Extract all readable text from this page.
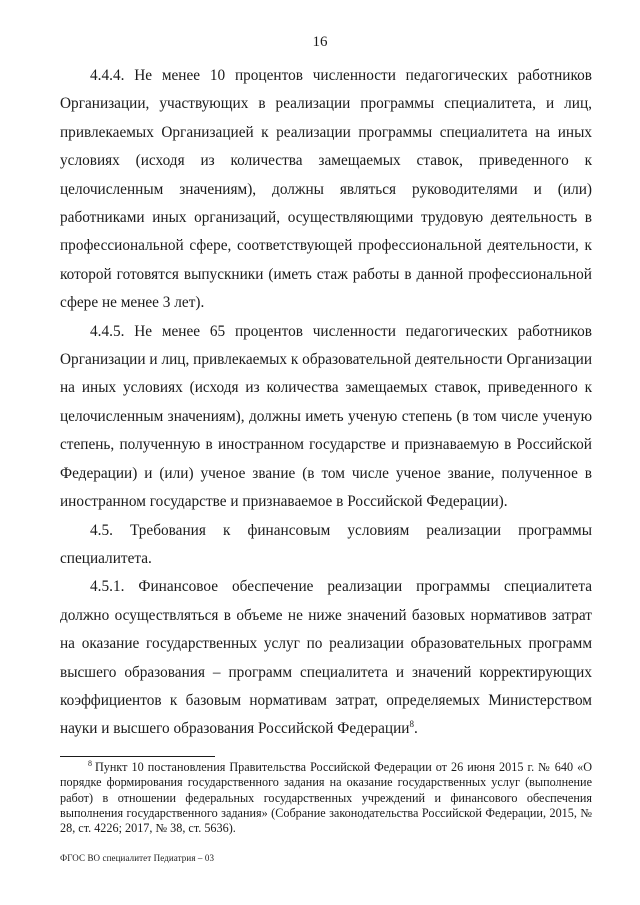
16

4.4.4. Не менее 10 процентов численности педагогических работников Организации, участвующих в реализации программы специалитета, и лиц, привлекаемых Организацией к реализации программы специалитета на иных условиях (исходя из количества замещаемых ставок, приведенного к целочисленным значениям), должны являться руководителями и (или) работниками иных организаций, осуществляющими трудовую деятельность в профессиональной сфере, соответствующей профессиональной деятельности, к которой готовятся выпускники (иметь стаж работы в данной профессиональной сфере не менее 3 лет).

4.4.5. Не менее 65 процентов численности педагогических работников Организации и лиц, привлекаемых к образовательной деятельности Организации на иных условиях (исходя из количества замещаемых ставок, приведенного к целочисленным значениям), должны иметь ученую степень (в том числе ученую степень, полученную в иностранном государстве и признаваемую в Российской Федерации) и (или) ученое звание (в том числе ученое звание, полученное в иностранном государстве и признаваемое в Российской Федерации).

4.5. Требования к финансовым условиям реализации программы специалитета.

4.5.1. Финансовое обеспечение реализации программы специалитета должно осуществляться в объеме не ниже значений базовых нормативов затрат на оказание государственных услуг по реализации образовательных программ высшего образования – программ специалитета и значений корректирующих коэффициентов к базовым нормативам затрат, определяемых Министерством науки и высшего образования Российской Федерации$^8$.

$^8$ Пункт 10 постановления Правительства Российской Федерации от 26 июня 2015 г. № 640 «О порядке формирования государственного задания на оказание государственных услуг (выполнение работ) в отношении федеральных государственных учреждений и финансового обеспечения выполнения государственного задания» (Собрание законодательства Российской Федерации, 2015, № 28, ст. 4226; 2017, № 38, ст. 5636).
ФГОС ВО специалитет Педиатрия – 03
